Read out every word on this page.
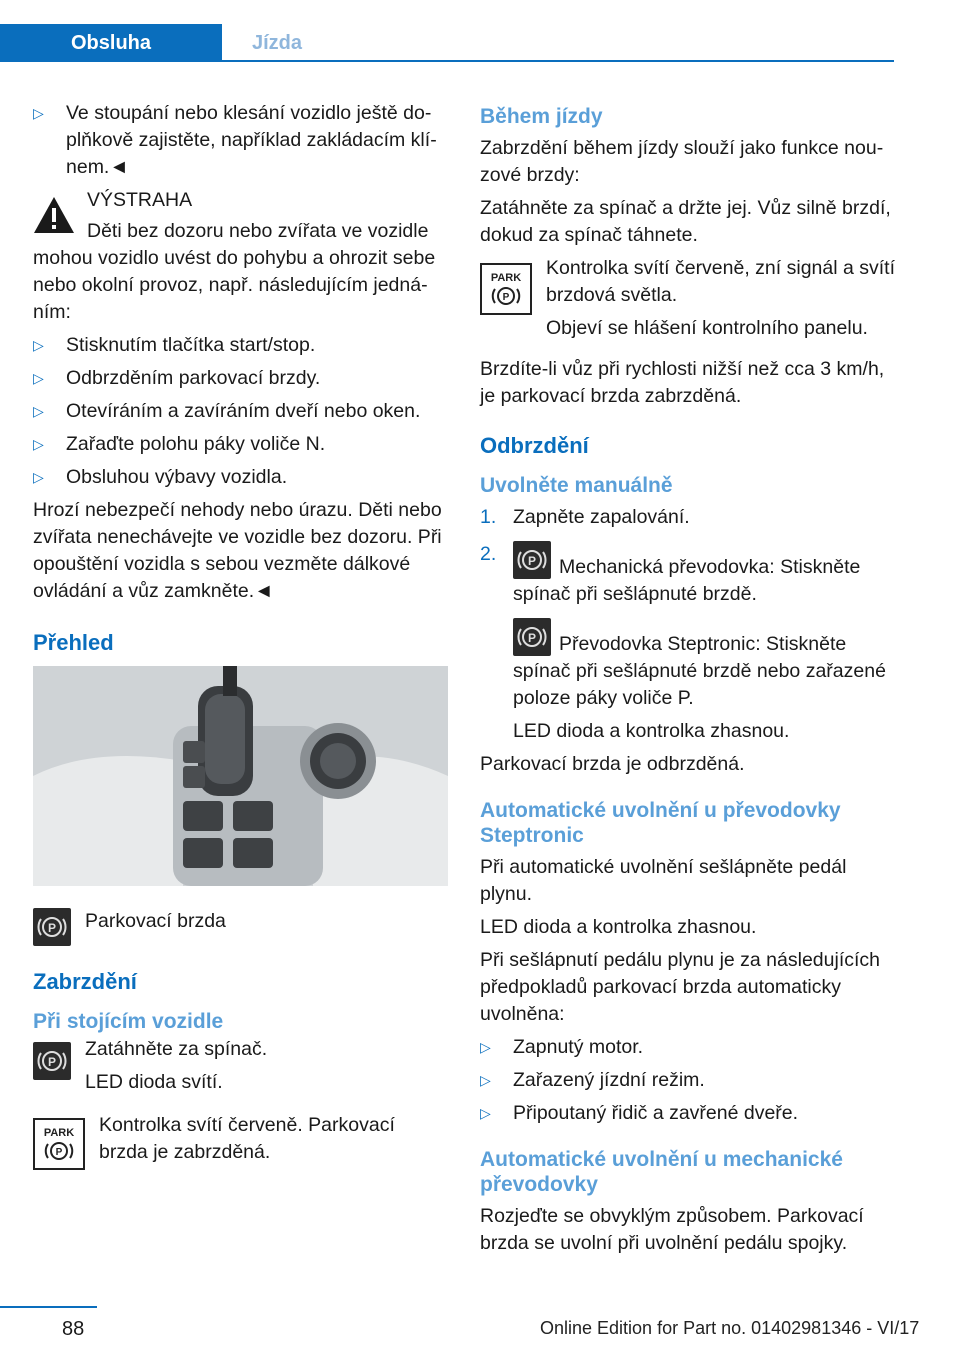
Obsluha	Jízda
▷ Ve stoupání nebo klesání vozidlo ještě doplňkově zajistěte, například zakládacím klínem.◄

VÝSTRAHA

Děti bez dozoru nebo zvířata ve vozidle mohou vozidlo uvést do pohybu a ohrozit sebe nebo okolní provoz, např. následujícím jednáním:

▷ Stisknutím tlačítka start/stop.
▷ Odbrzděním parkovací brzdy.
▷ Otevíráním a zavíráním dveří nebo oken.
▷ Zařaďte polohu páky voliče N.
▷ Obsluhou výbavy vozidla.

Hrozí nebezpečí nehody nebo úrazu. Děti nebo zvířata nenechávejte ve vozidle bez dozoru. Při opouštění vozidla s sebou vezměte dálkové ovládání a vůz zamkněte.◄

Přehled
P	Parkovací brzda

Zabrzdění
Při stojícím vozidle
P

Zatáhněte za spínač.

LED dioda svítí.

PARK
P

Kontrolka svítí červeně. Parkovací brzda je zabrzděná.

Během jízdy

Zabrzdění během jízdy slouží jako funkce nouzové brzdy:

Zatáhněte za spínač a držte jej. Vůz silně brzdí, dokud za spínač táhnete.

PARK
P

Kontrolka svítí červeně, zní signál a svítí brzdová světla.

Objeví se hlášení kontrolního panelu.

Brzdíte-li vůz při rychlosti nižší než cca 3 km/h, je parkovací brzda zabrzděná.

Odbrzdění
Uvolněte manuálně
1. Zapněte zapalování.
2.	P Mechanická převodovka: Stiskněte spínač při sešlápnuté brzdě.
P Převodovka Steptronic: Stiskněte spínač při sešlápnuté brzdě nebo zařazené poloze páky voliče P.
LED dioda a kontrolka zhasnou.

Parkovací brzda je odbrzděná.

Automatické uvolnění u převodovky Steptronic

Při automatické uvolnění sešlápněte pedál plynu.

LED dioda a kontrolka zhasnou.

Při sešlápnutí pedálu plynu je za následujících předpokladů parkovací brzda automaticky uvolněna:

▷ Zapnutý motor.
▷ Zařazený jízdní režim.
▷ Připoutaný řidič a zavřené dveře.
Automatické uvolnění u mechanické převodovky

Rozjeďte se obvyklým způsobem. Parkovací brzda se uvolní při uvolnění pedálu spojky.

88	Online Edition for Part no. 01402981346 - VI/17
